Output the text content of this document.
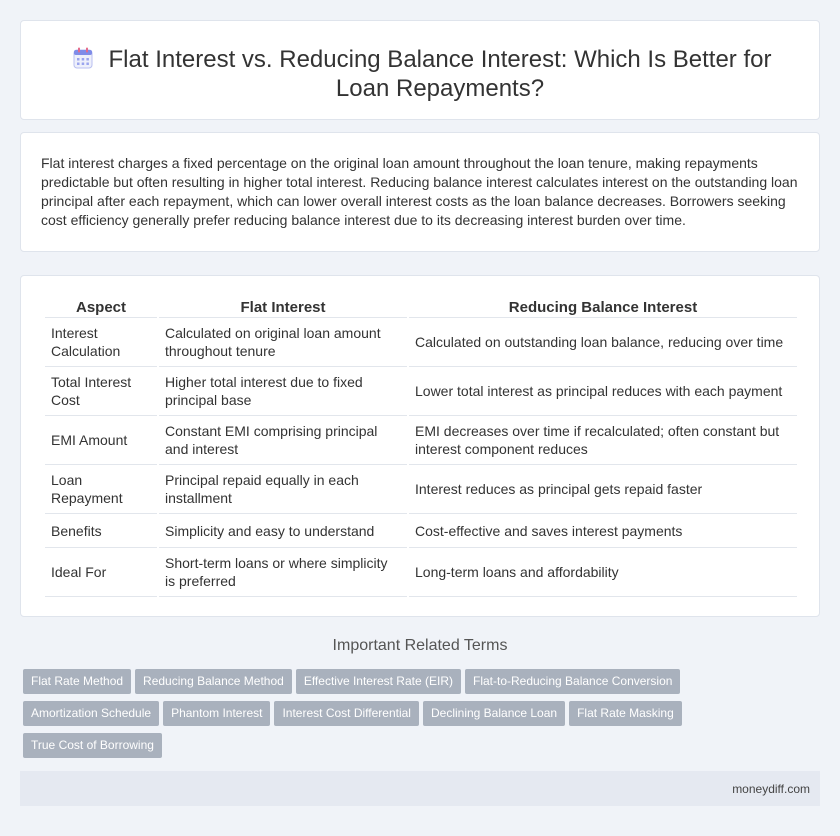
Flat Interest vs. Reducing Balance Interest: Which Is Better for Loan Repayments?

Flat interest charges a fixed percentage on the original loan amount throughout the loan tenure, making repayments predictable but often resulting in higher total interest. Reducing balance interest calculates interest on the outstanding loan principal after each repayment, which can lower overall interest costs as the loan balance decreases. Borrowers seeking cost efficiency generally prefer reducing balance interest due to its decreasing interest burden over time.

Aspect	Flat Interest	Reducing Balance Interest
Interest Calculation	Calculated on original loan amount throughout tenure	Calculated on outstanding loan balance, reducing over time
Total Interest Cost	Higher total interest due to fixed principal base	Lower total interest as principal reduces with each payment
EMI Amount	Constant EMI comprising principal and interest	EMI decreases over time if recalculated; often constant but interest component reduces
Loan Repayment	Principal repaid equally in each installment	Interest reduces as principal gets repaid faster
Benefits	Simplicity and easy to understand	Cost-effective and saves interest payments
Ideal For	Short-term loans or where simplicity is preferred	Long-term loans and affordability
Important Related Terms
Flat Rate Method	Reducing Balance Method	Effective Interest Rate (EIR)	Flat-to-Reducing Balance Conversion
Amortization Schedule	Phantom Interest	Interest Cost Differential	Declining Balance Loan	Flat Rate Masking
True Cost of Borrowing
moneydiff.com
